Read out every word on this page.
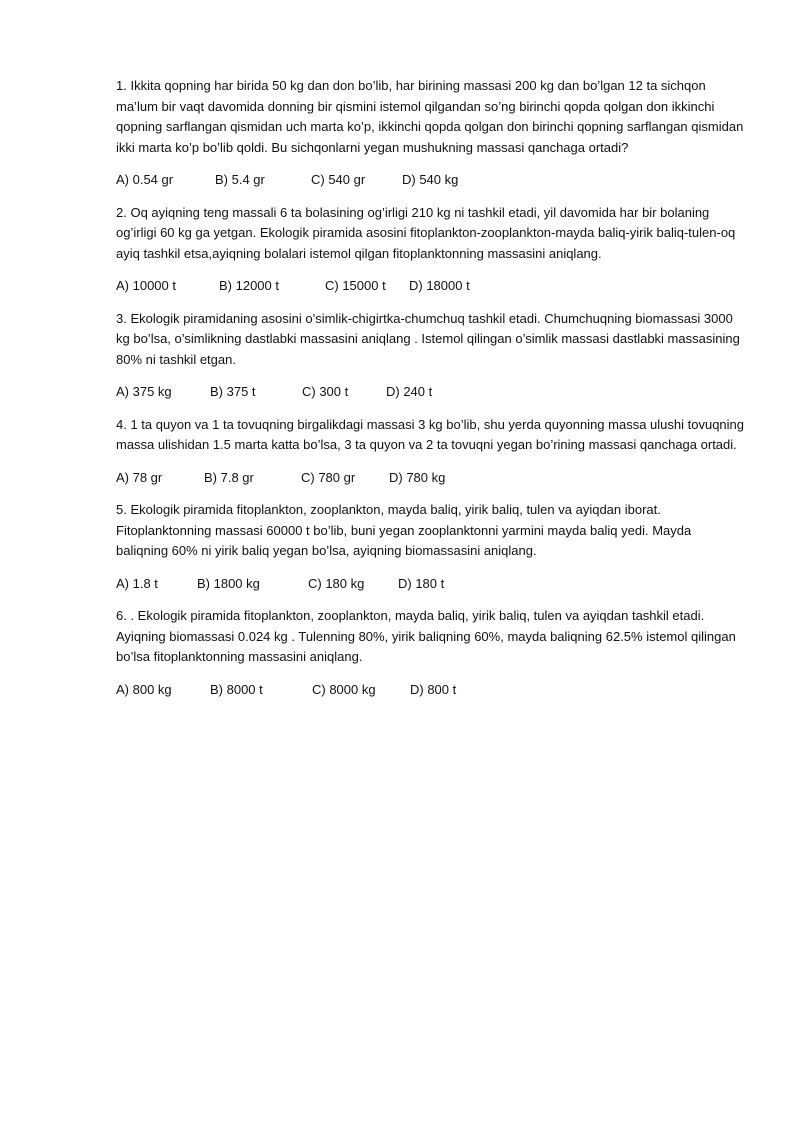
1. Ikkita qopning har birida 50 kg dan don bo’lib, har birining massasi 200 kg dan bo’lgan 12 ta sichqon ma’lum bir vaqt davomida donning bir qismini istemol qilgandan so’ng birinchi qopda qolgan don ikkinchi qopning sarflangan qismidan uch marta ko’p, ikkinchi qopda qolgan don birinchi qopning sarflangan qismidan ikki marta ko’p bo’lib qoldi. Bu sichqonlarni yegan mushukning massasi qanchaga ortadi?

A) 0.54 gr	B) 5.4 gr	C) 540 gr	D) 540 kg

2. Oq ayiqning teng massali 6 ta bolasining og’irligi 210 kg ni tashkil etadi, yil davomida har bir bolaning og’irligi 60 kg ga yetgan. Ekologik piramida asosini fitoplankton-zooplankton-mayda baliq-yirik baliq-tulen-oq ayiq tashkil etsa,ayiqning bolalari istemol qilgan fitoplanktonning massasini aniqlang.

A) 10000 t	B) 12000 t	C) 15000 t	D) 18000 t

3. Ekologik piramidaning asosini o’simlik-chigirtka-chumchuq tashkil etadi. Chumchuqning biomassasi 3000 kg bo’lsa, o’simlikning dastlabki massasini aniqlang . Istemol qilingan o’simlik massasi dastlabki massasining 80% ni tashkil etgan.

A) 375 kg	B) 375 t	C) 300 t	D) 240 t

4. 1 ta quyon va 1 ta tovuqning birgalikdagi massasi 3 kg bo’lib, shu yerda quyonning massa ulushi tovuqning massa ulishidan 1.5 marta katta bo’lsa, 3 ta quyon va 2 ta tovuqni yegan bo’rining massasi qanchaga ortadi.

A) 78 gr	B) 7.8 gr	C) 780 gr	D) 780 kg

5. Ekologik piramida fitoplankton, zooplankton, mayda baliq, yirik baliq, tulen va ayiqdan iborat. Fitoplanktonning massasi 60000 t bo’lib, buni yegan zooplanktonni yarmini mayda baliq yedi. Mayda baliqning 60% ni yirik baliq yegan bo’lsa, ayiqning biomassasini aniqlang.

A) 1.8 t	B) 1800 kg	C) 180 kg	D) 180 t

6. . Ekologik piramida fitoplankton, zooplankton, mayda baliq, yirik baliq, tulen va ayiqdan tashkil etadi. Ayiqning biomassasi 0.024 kg . Tulenning 80%, yirik baliqning 60%, mayda baliqning 62.5% istemol qilingan bo’lsa fitoplanktonning massasini aniqlang.

A) 800 kg	B) 8000 t	C) 8000 kg	D) 800 t
